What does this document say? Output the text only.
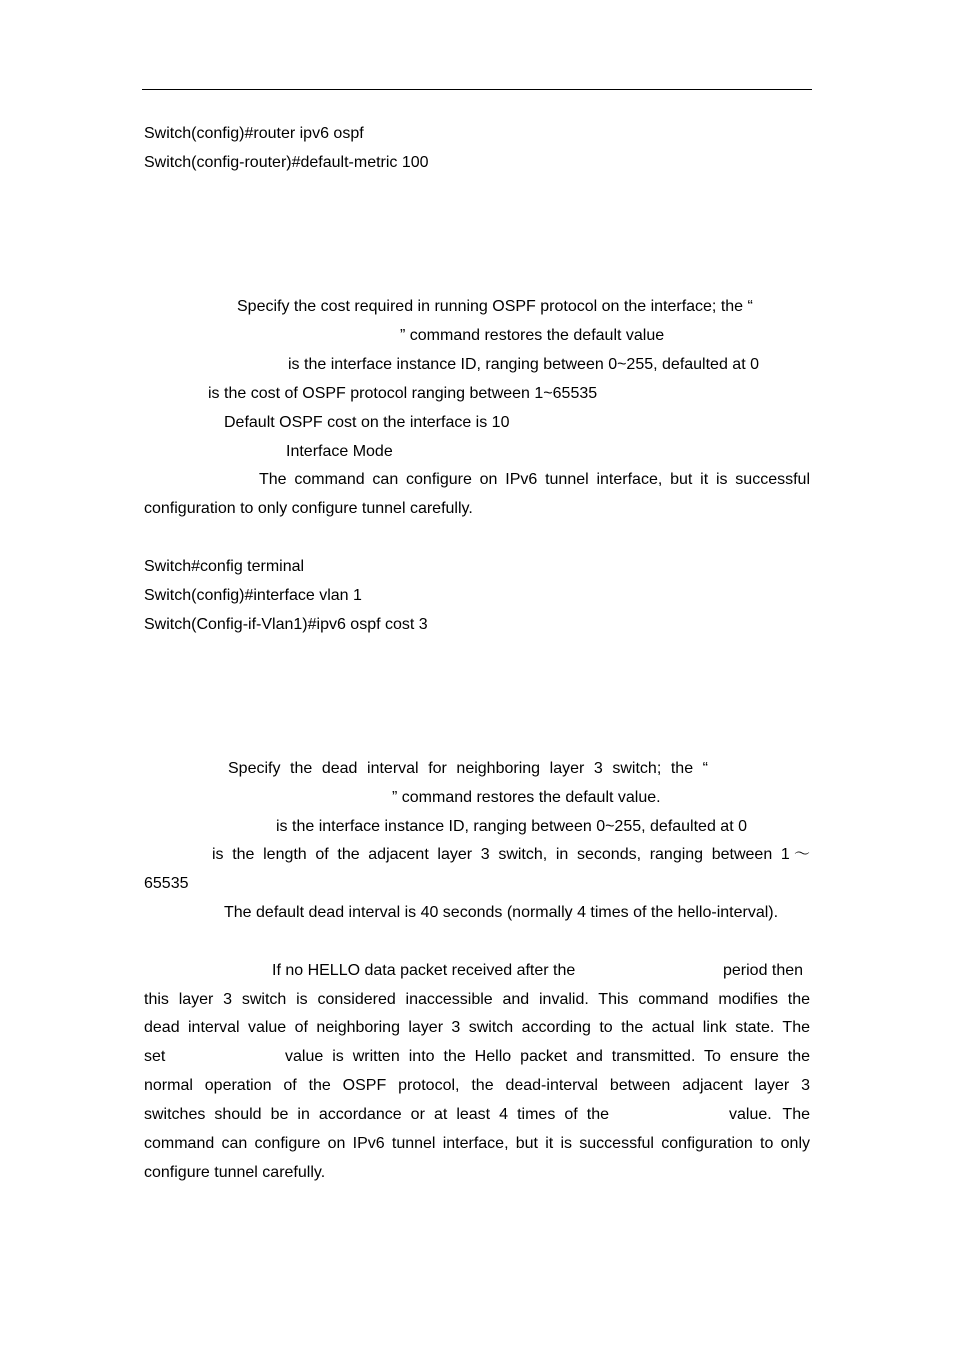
Switch(config)#router ipv6 ospf
Switch(config-router)#default-metric 100
Specify the cost required in running OSPF protocol on the interface; the “
” command restores the default value
is the interface instance ID, ranging between 0~255, defaulted at 0
is the cost of OSPF protocol ranging between 1~65535
Default OSPF cost on the interface is 10
Interface Mode
The command can configure on IPv6 tunnel interface, but it is successful
configuration to only configure tunnel carefully.
Switch#config terminal
Switch(config)#interface vlan 1
Switch(Config-if-Vlan1)#ipv6 ospf cost 3
Specify the dead interval for neighboring layer 3 switch; the “
” command restores the default value.
is the interface instance ID, ranging between 0~255, defaulted at 0
is the length of the adjacent layer 3 switch, in seconds, ranging between 1～
65535
The default dead interval is 40 seconds (normally 4 times of the hello-interval).
If no HELLO data packet received after the	period then
this layer 3 switch is considered inaccessible and invalid. This command modifies the
dead interval value of neighboring layer 3 switch according to the actual link state. The
set	value is written into the Hello packet and transmitted. To ensure the
normal operation of the OSPF protocol, the dead-interval between adjacent layer 3
switches should be in accordance or at least 4 times of the	value. The
command can configure on IPv6 tunnel interface, but it is successful configuration to only
configure tunnel carefully.
